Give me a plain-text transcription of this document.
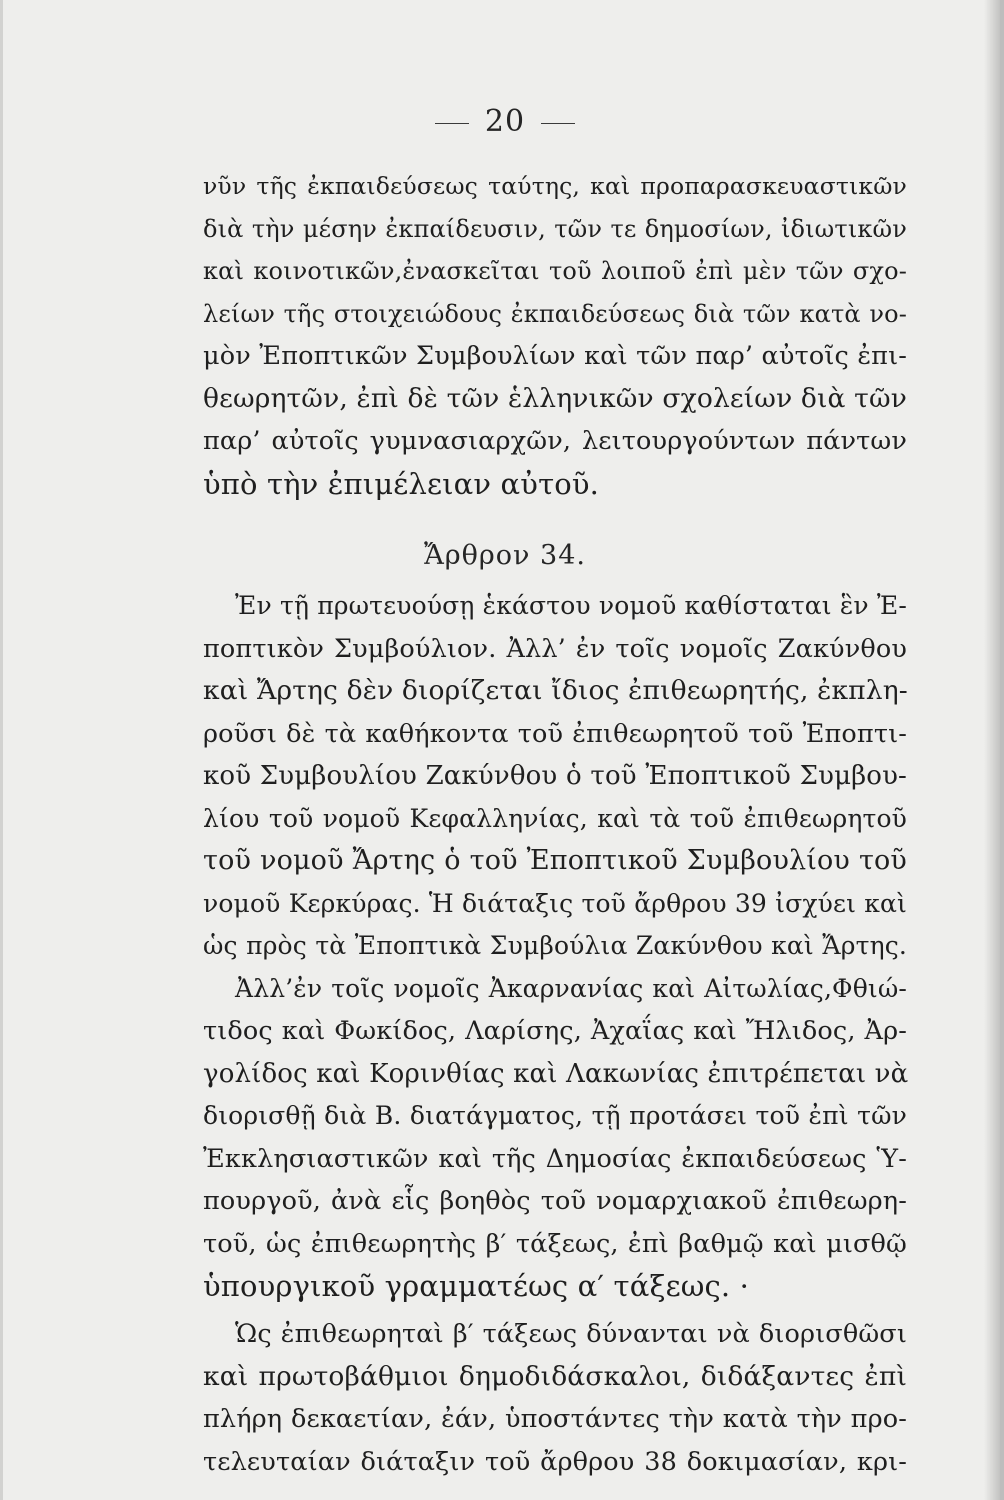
20
νῦν τῆς ἐκπαιδεύσεως ταύτης, καὶ προπαρασκευαστικῶν
διὰ τὴν μέσην ἐκπαίδευσιν, τῶν τε δημοσίων, ἰδιωτικῶν
καὶ κοινοτικῶν,ἐνασκεῖται τοῦ λοιποῦ ἐπὶ μὲν τῶν σχο-
λείων τῆς στοιχειώδους ἐκπαιδεύσεως διὰ τῶν κατὰ νο-
μὸν Ἐποπτικῶν Συμβουλίων καὶ τῶν παρ’ αὐτοῖς ἐπι-
θεωρητῶν, ἐπὶ δὲ τῶν ἑλληνικῶν σχολείων διὰ τῶν
παρ’ αὐτοῖς γυμνασιαρχῶν, λειτουργούντων πάντων
ὑπὸ τὴν ἐπιμέλειαν αὐτοῦ.
Ἄρθρον 34.
Ἐν τῇ πρωτευούσῃ ἑκάστου νομοῦ καθίσταται ἓν Ἐ-
ποπτικὸν Συμβούλιον. Ἀλλ’ ἐν τοῖς νομοῖς Ζακύνθου
καὶ Ἄρτης δὲν διορίζεται ἴδιος ἐπιθεωρητής, ἐκπλη-
ροῦσι δὲ τὰ καθήκοντα τοῦ ἐπιθεωρητοῦ τοῦ Ἐποπτι-
κοῦ Συμβουλίου Ζακύνθου ὁ τοῦ Ἐποπτικοῦ Συμβου-
λίου τοῦ νομοῦ Κεφαλληνίας, καὶ τὰ τοῦ ἐπιθεωρητοῦ
τοῦ νομοῦ Ἄρτης ὁ τοῦ Ἐποπτικοῦ Συμβουλίου τοῦ
νομοῦ Κερκύρας. Ἡ διάταξις τοῦ ἄρθρου 39 ἰσχύει καὶ
ὡς πρὸς τὰ Ἐποπτικὰ Συμβούλια Ζακύνθου καὶ Ἄρτης.
Ἀλλ’ἐν τοῖς νομοῖς Ἀκαρνανίας καὶ Αἰτωλίας,Φθιώ-
τιδος καὶ Φωκίδος, Λαρίσης, Ἀχαΐας καὶ Ἤλιδος, Ἀρ-
γολίδος καὶ Κορινθίας καὶ Λακωνίας ἐπιτρέπεται νὰ
διορισθῇ διὰ Β. διατάγματος, τῇ προτάσει τοῦ ἐπὶ τῶν
Ἐκκλησιαστικῶν καὶ τῆς Δημοσίας ἐκπαιδεύσεως Ὑ-
πουργοῦ, ἀνὰ εἷς βοηθὸς τοῦ νομαρχιακοῦ ἐπιθεωρη-
τοῦ, ὡς ἐπιθεωρητὴς β′ τάξεως, ἐπὶ βαθμῷ καὶ μισθῷ
ὑπουργικοῦ γραμματέως α′ τάξεως. ·
Ὡς ἐπιθεωρηταὶ β′ τάξεως δύνανται νὰ διορισθῶσι
καὶ πρωτοβάθμιοι δημοδιδάσκαλοι, διδάξαντες ἐπὶ
πλήρη δεκαετίαν, ἐάν, ὑποστάντες τὴν κατὰ τὴν προ-
τελευταίαν διάταξιν τοῦ ἄρθρου 38 δοκιμασίαν, κρι-
